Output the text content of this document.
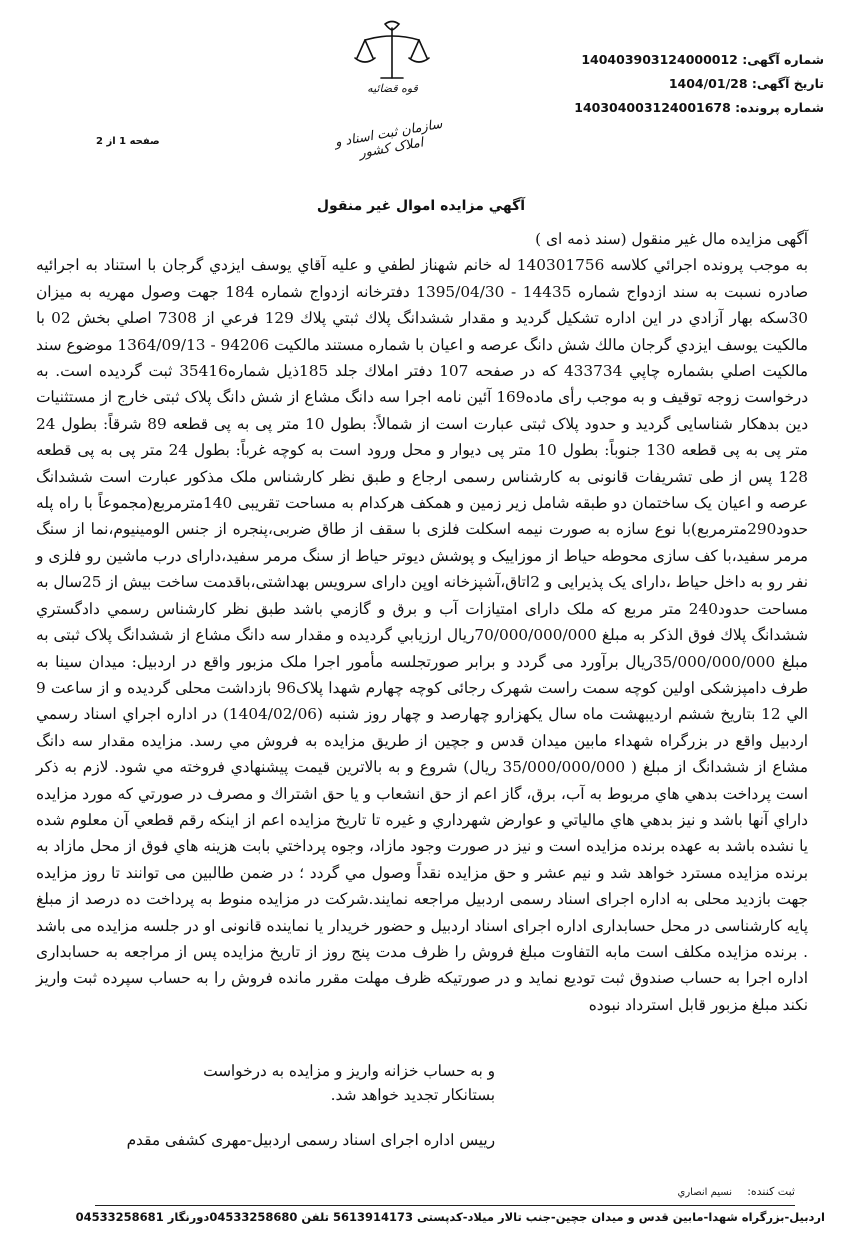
شماره آگهی: 140403903124000012
تاریخ آگهی: 1404/01/28
شماره پرونده: 140304003124001678
قوه قضائیه
سازمان ثبت اسناد و املاک کشور
صفحه 1 از 2
آگهي مزايده اموال غير منقول

آگهی مزايده مال غير منقول (سند ذمه ای )

به موجب پرونده اجرائي كلاسه 140301756 له خانم شهناز لطفي و عليه آقاي يوسف ايزدي گرجان با استناد به اجرائيه صادره نسبت به سند ازدواج شماره 14435 - 1395/04/30 دفترخانه ازدواج شماره 184 جهت وصول مهريه به ميزان 30سكه بهار آزادي در اين اداره تشكيل گرديد و مقدار ششدانگ پلاك ثبتي پلاك 129 فرعي از 7308 اصلي بخش 02 با مالكيت يوسف ايزدي گرجان مالك شش دانگ عرصه و اعيان با شماره مستند مالكيت 94206 - 1364/09/13 موضوع سند مالكيت اصلي بشماره چاپي 433734 كه در صفحه 107 دفتر املاك جلد 185ذيل شماره35416 ثبت گرديده است. به درخواست زوجه توقيف و به موجب رأی ماده169 آئين نامه اجرا سه دانگ مشاع از شش دانگ پلاک ثبتی خارج از مستثنيات دين بدهكار شناسايی گرديد و حدود پلاک ثبتی عبارت است از شمالاً: بطول 10 متر پی به پی قطعه 89 شرقاً: بطول 24 متر پی به پی قطعه 130 جنوباً: بطول 10 متر پی ديوار و محل ورود است به کوچه غرباً: بطول 24 متر پی به پی قطعه 128 پس از طی تشريفات قانونی به كارشناس رسمی ارجاع و طبق نظر كارشناس ملک مذکور عبارت است ششدانگ عرصه و اعيان يک ساختمان دو طبقه شامل زير زمين و همکف هرکدام به مساحت تقريبی 140مترمربع(مجموعاً با راه پله حدود290مترمربع)با نوع سازه به صورت نيمه اسکلت فلزی با سقف از طاق ضربی،پنجره از جنس الومينيوم،نما از سنگ مرمر سفيد،با کف سازی محوطه حياط از موزاييک و پوشش ديوتر حياط از سنگ مرمر سفيد،دارای درب ماشين رو فلزی و نفر رو به داخل حياط ،دارای يک پذيرايی و 2اتاق،آشپزخانه اوپن دارای سرويس بهداشتی،باقدمت ساخت بيش از 25سال به مساحت حدود240 متر مربع كه ملک دارای امتيازات آب و برق و گازمي باشد طبق نظر كارشناس رسمي دادگستري ششدانگ پلاك فوق الذكر به مبلغ 70/000/000/000ريال ارزيابي گرديده و مقدار سه دانگ مشاع از ششدانگ پلاک ثبتی به مبلغ 35/000/000/000ريال برآورد می گردد و برابر صورتجلسه مأمور اجرا ملک مزبور واقع در اردبيل: ميدان سينا به طرف دامپزشکی اولين کوچه سمت راست شهرک رجائی کوچه چهارم شهدا پلاک96 بازداشت محلی گرديده و از ساعت 9 الي 12 بتاريخ ششم ارديبهشت ماه سال يكهزارو چهارصد و چهار روز شنبه (1404/02/06) در اداره اجراي اسناد رسمي اردبيل واقع در بزرگراه شهداء مابين ميدان قدس و جچين از طريق مزايده به فروش مي رسد. مزايده مقدار سه دانگ مشاع از ششدانگ از مبلغ ( 35/000/000/000 ريال) شروع و به بالاترين قيمت پيشنهادي فروخته مي شود. لازم به ذكر است پرداخت بدهي هاي مربوط به آب، برق، گاز اعم از حق انشعاب و يا حق اشتراك و مصرف در صورتي كه مورد مزايده داراي آنها باشد و نيز بدهي هاي مالياتي و عوارض شهرداري و غيره تا تاريخ مزايده اعم از اينكه رقم قطعي آن معلوم شده يا نشده باشد به عهده برنده مزايده است و نيز در صورت وجود مازاد، وجوه پرداختي بابت هزينه هاي فوق از محل مازاد به برنده مزايده مسترد خواهد شد و نيم عشر و حق مزايده نقداً وصول مي گردد ؛ در ضمن طالبين می توانند تا روز مزايده جهت بازديد محلی به اداره اجرای اسناد رسمی اردبيل مراجعه نمايند.شرکت در مزايده منوط به پرداخت ده درصد از مبلغ پايه كارشناسی در محل حسابداری اداره اجرای اسناد اردبيل و حضور خريدار يا نماينده قانونی او در جلسه مزايده می باشد . برنده مزايده مکلف است مابه التفاوت مبلغ فروش را ظرف مدت پنج روز از تاريخ مزايده پس از مراجعه به حسابداری اداره اجرا به حساب صندوق ثبت توديع نمايد و در صورتيکه ظرف مهلت مقرر مانده فروش را به حساب سپرده ثبت واريز نکند مبلغ مزبور قابل استرداد نبوده

و به حساب خزانه واريز و مزايده به درخواست بستانکار تجديد خواهد شد.
رييس اداره اجرای اسناد رسمی اردبيل-مهری کشفی مقدم
ثبت کننده: نسيم انصاري
اردبيل-بزرگراه شهدا-مابين قدس و ميدان جچين-جنب تالار ميلاد-کدپستی 5613914173 تلفن 04533258680دورنگار 04533258681
